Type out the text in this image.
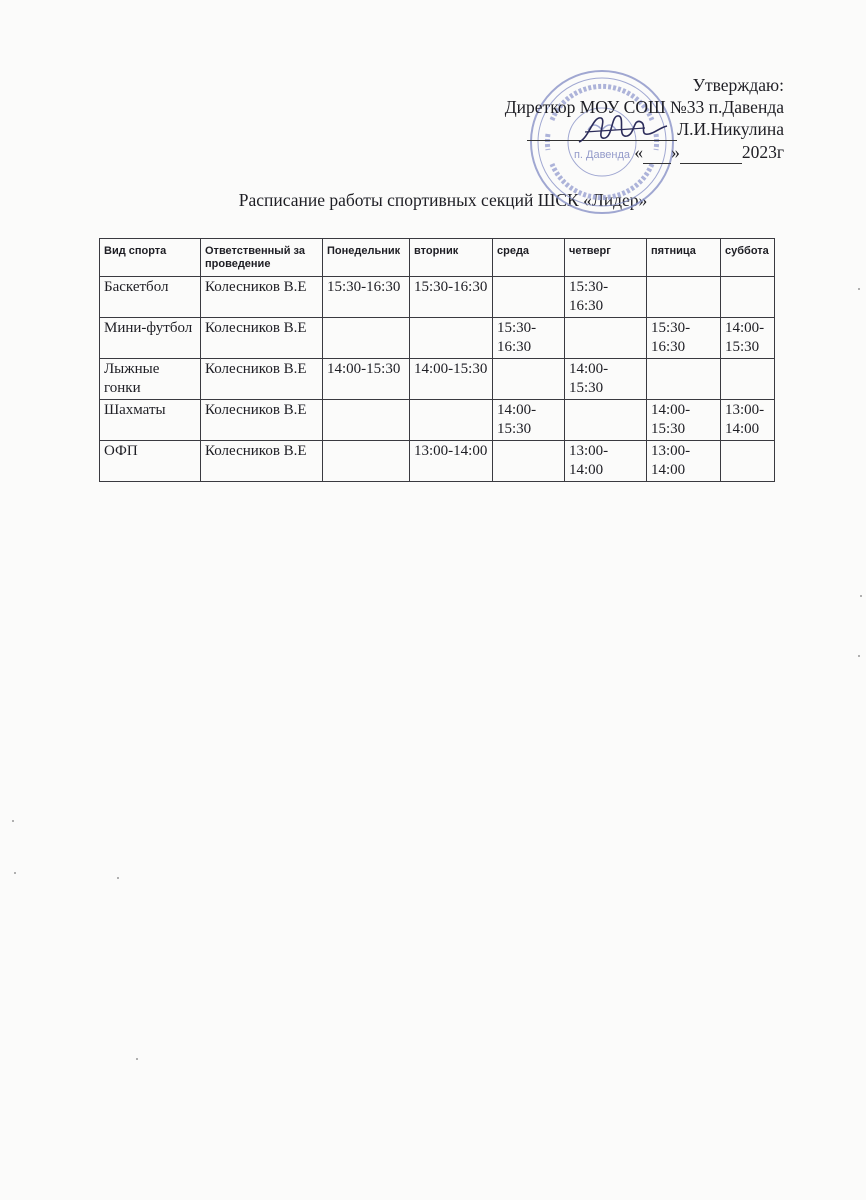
п. Давенда
Утверждаю:
Диреткор МОУ СОШ №33 п.Давенда
Л.И.Никулина
« »	2023г
Расписание работы спортивных секций ШСК «Лидер»
Вид спорта	Ответственный за проведение	Понедельник	вторник	среда	четверг	пятница	суббота
Баскетбол	Колесников В.Е	15:30-16:30	15:30-16:30		15:30-16:30		
Мини-футбол	Колесников В.Е			15:30-16:30		15:30-16:30	14:00-15:30
Лыжные гонки	Колесников В.Е	14:00-15:30	14:00-15:30		14:00-15:30		
Шахматы	Колесников В.Е			14:00-15:30		14:00-15:30	13:00-14:00
ОФП	Колесников В.Е		13:00-14:00		13:00-14:00	13:00-14:00	
